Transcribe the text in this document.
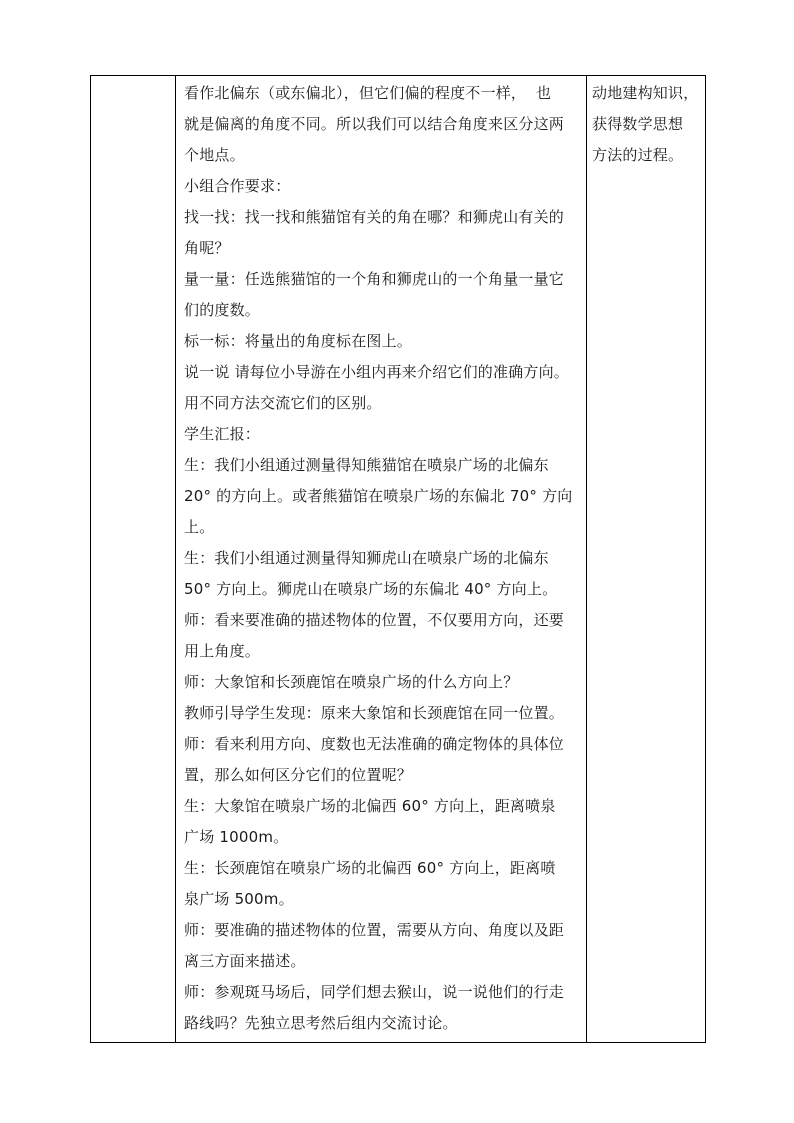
看作北偏东（或东偏北），但它们偏的程度不一样，  也
就是偏离的角度不同。所以我们可以结合角度来区分这两
个地点。
小组合作要求：
找一找：找一找和熊猫馆有关的角在哪？和狮虎山有关的
角呢？
量一量：任选熊猫馆的一个角和狮虎山的一个角量一量它
们的度数。
标一标：将量出的角度标在图上。
说一说 请每位小导游在小组内再来介绍它们的准确方向。
用不同方法交流它们的区别。
学生汇报：
生：我们小组通过测量得知熊猫馆在喷泉广场的北偏东
20° 的方向上。或者熊猫馆在喷泉广场的东偏北 70° 方向
上。
生：我们小组通过测量得知狮虎山在喷泉广场的北偏东
50° 方向上。狮虎山在喷泉广场的东偏北 40° 方向上。
师：看来要准确的描述物体的位置，不仅要用方向，还要
用上角度。
师：大象馆和长颈鹿馆在喷泉广场的什么方向上？
教师引导学生发现：原来大象馆和长颈鹿馆在同一位置。
师：看来利用方向、度数也无法准确的确定物体的具体位
置，那么如何区分它们的位置呢？
生：大象馆在喷泉广场的北偏西 60° 方向上，距离喷泉
广场 1000m。
生：长颈鹿馆在喷泉广场的北偏西 60° 方向上，距离喷
泉广场 500m。
师：要准确的描述物体的位置，需要从方向、角度以及距
离三方面来描述。
师：参观斑马场后，同学们想去猴山，说一说他们的行走
路线吗？先独立思考然后组内交流讨论。

动地建构知识，
获得数学思想
方法的过程。
